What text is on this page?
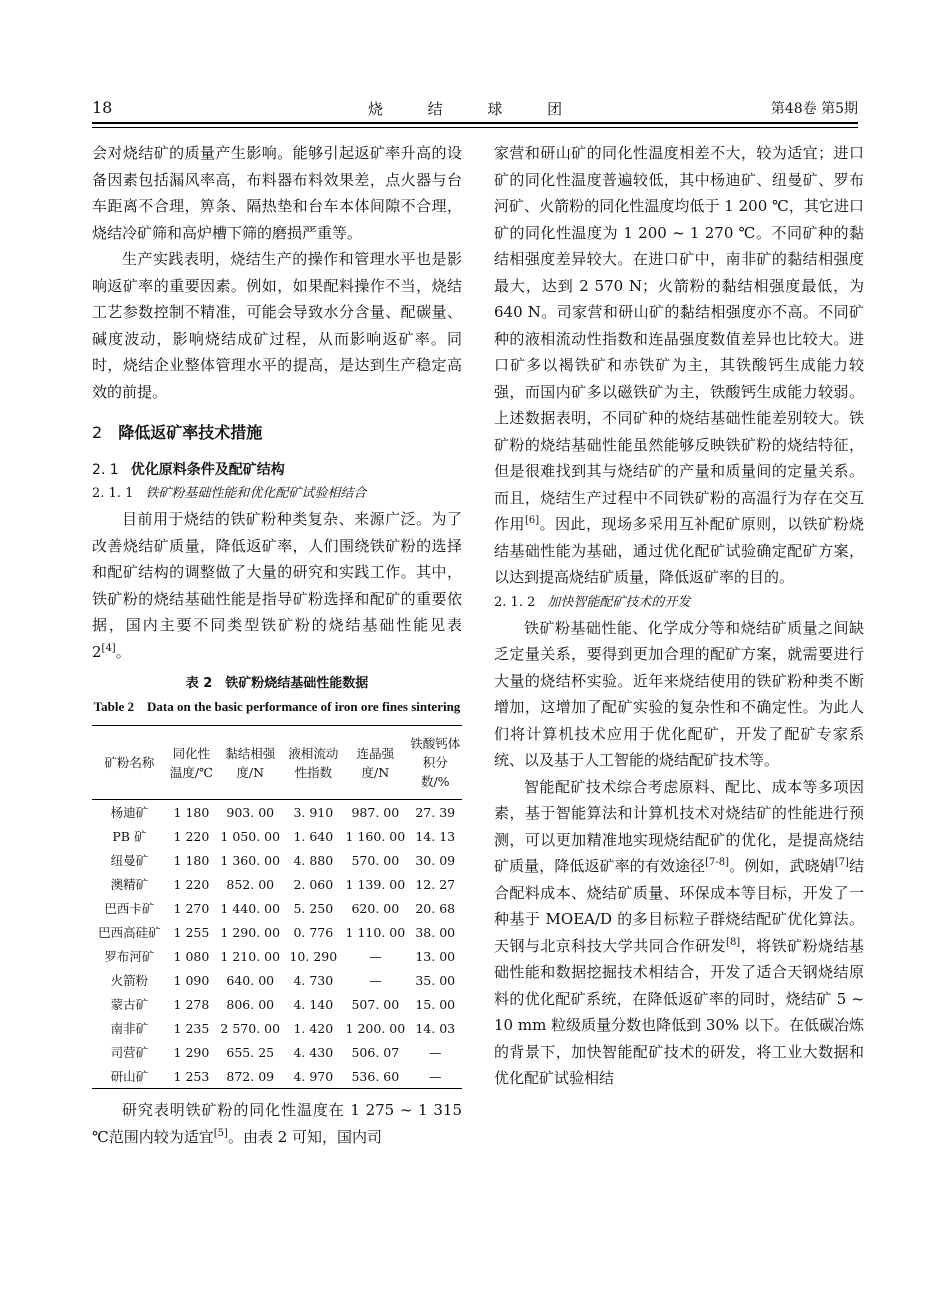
18	烧 结 球 团	第48卷 第5期

会对烧结矿的质量产生影响。能够引起返矿率升高的设备因素包括漏风率高，布料器布料效果差，点火器与台车距离不合理，箅条、隔热垫和台车本体间隙不合理，烧结冷矿筛和高炉槽下筛的磨损严重等。

生产实践表明，烧结生产的操作和管理水平也是影响返矿率的重要因素。例如，如果配料操作不当，烧结工艺参数控制不精准，可能会导致水分含量、配碳量、碱度波动，影响烧结成矿过程，从而影响返矿率。同时，烧结企业整体管理水平的提高，是达到生产稳定高效的前提。

2 降低返矿率技术措施
2. 1 优化原料条件及配矿结构
2. 1. 1 铁矿粉基础性能和优化配矿试验相结合

目前用于烧结的铁矿粉种类复杂、来源广泛。为了改善烧结矿质量，降低返矿率，人们围绕铁矿粉的选择和配矿结构的调整做了大量的研究和实践工作。其中，铁矿粉的烧结基础性能是指导矿粉选择和配矿的重要依据，国内主要不同类型铁矿粉的烧结基础性能见表 2[4]。

表 2　铁矿粉烧结基础性能数据
Table 2　Data on the basic performance of iron ore fines sintering
矿粉名称	同化性温度/℃	黏结相强度/N	液相流动性指数	连晶强度/N	铁酸钙体积分数/%
杨迪矿	1 180	903. 00	3. 910	987. 00	27. 39
PB 矿	1 220	1 050. 00	1. 640	1 160. 00	14. 13
纽曼矿	1 180	1 360. 00	4. 880	570. 00	30. 09
澳精矿	1 220	852. 00	2. 060	1 139. 00	12. 27
巴西卡矿	1 270	1 440. 00	5. 250	620. 00	20. 68
巴西高硅矿	1 255	1 290. 00	0. 776	1 110. 00	38. 00
罗布河矿	1 080	1 210. 00	10. 290	—	13. 00
火箭粉	1 090	640. 00	4. 730	—	35. 00
蒙古矿	1 278	806. 00	4. 140	507. 00	15. 00
南非矿	1 235	2 570. 00	1. 420	1 200. 00	14. 03
司营矿	1 290	655. 25	4. 430	506. 07	—
研山矿	1 253	872. 09	4. 970	536. 60	—

研究表明铁矿粉的同化性温度在 1 275 ~ 1 315 ℃范围内较为适宜[5]。由表 2 可知，国内司

家营和研山矿的同化性温度相差不大，较为适宜；进口矿的同化性温度普遍较低，其中杨迪矿、纽曼矿、罗布河矿、火箭粉的同化性温度均低于 1 200 ℃，其它进口矿的同化性温度为 1 200 ~ 1 270 ℃。不同矿种的黏结相强度差异较大。在进口矿中，南非矿的黏结相强度最大，达到 2 570 N；火箭粉的黏结相强度最低，为 640 N。司家营和研山矿的黏结相强度亦不高。不同矿种的液相流动性指数和连晶强度数值差异也比较大。进口矿多以褐铁矿和赤铁矿为主，其铁酸钙生成能力较强，而国内矿多以磁铁矿为主，铁酸钙生成能力较弱。上述数据表明，不同矿种的烧结基础性能差别较大。铁矿粉的烧结基础性能虽然能够反映铁矿粉的烧结特征，但是很难找到其与烧结矿的产量和质量间的定量关系。而且，烧结生产过程中不同铁矿粉的高温行为存在交互作用[6]。因此，现场多采用互补配矿原则，以铁矿粉烧结基础性能为基础，通过优化配矿试验确定配矿方案，以达到提高烧结矿质量，降低返矿率的目的。

2. 1. 2 加快智能配矿技术的开发

铁矿粉基础性能、化学成分等和烧结矿质量之间缺乏定量关系，要得到更加合理的配矿方案，就需要进行大量的烧结杯实验。近年来烧结使用的铁矿粉种类不断增加，这增加了配矿实验的复杂性和不确定性。为此人们将计算机技术应用于优化配矿，开发了配矿专家系统、以及基于人工智能的烧结配矿技术等。

智能配矿技术综合考虑原料、配比、成本等多项因素，基于智能算法和计算机技术对烧结矿的性能进行预测，可以更加精准地实现烧结配矿的优化，是提高烧结矿质量，降低返矿率的有效途径[7-8]。例如，武晓婧[7]结合配料成本、烧结矿质量、环保成本等目标，开发了一种基于 MOEA/D 的多目标粒子群烧结配矿优化算法。天钢与北京科技大学共同合作研发[8]，将铁矿粉烧结基础性能和数据挖掘技术相结合，开发了适合天钢烧结原料的优化配矿系统，在降低返矿率的同时，烧结矿 5 ~ 10 mm 粒级质量分数也降低到 30% 以下。在低碳冶炼的背景下，加快智能配矿技术的研发，将工业大数据和优化配矿试验相结
